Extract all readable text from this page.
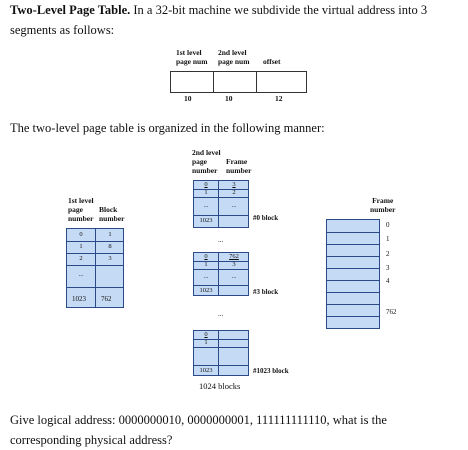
Two-Level Page Table. In a 32-bit machine we subdivide the virtual address into 3 segments as follows:
1st level
page num
2nd level
page num offset
10	10	12
The two-level page table is organized in the following manner:
1st level
page
number
Block
number
0	1
1	8
2	3
...
1023 762
2nd level
page
number
Frame
number
0	3
1	2
...	...
1023	#0 block
...
0	762
1	3
...	...
1023	#3 block
...
0
1
1023	#1023 block
1024 blocks
Frame
number
0
1
2
3
4
762
Give logical address: 0000000010, 0000000001, 111111111110, what is the corresponding physical address?
